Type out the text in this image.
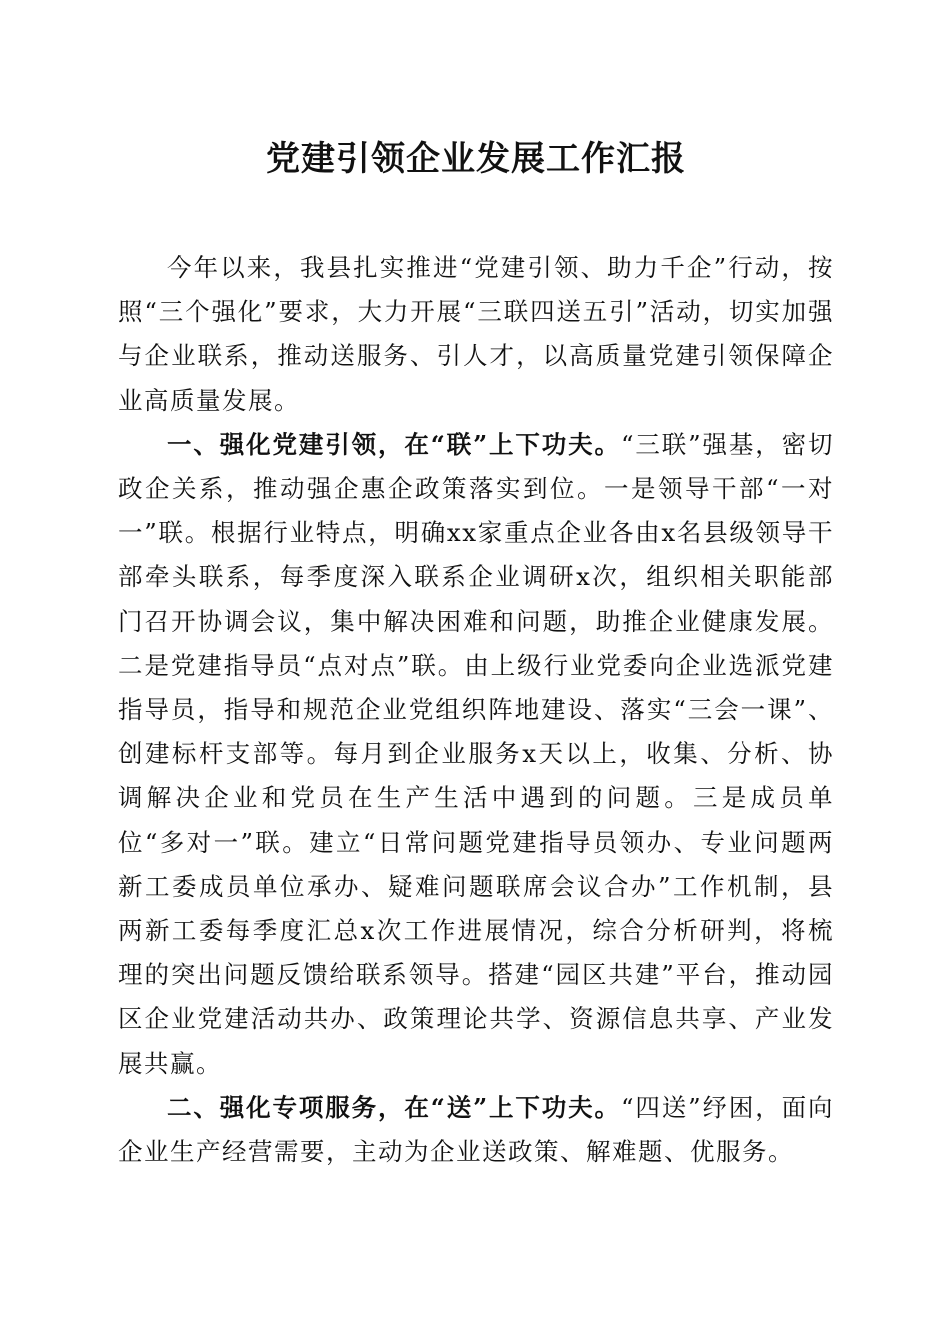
党建引领企业发展工作汇报

今年以来，我县扎实推进“党建引领、助力千企”行动，按照“三个强化”要求，大力开展“三联四送五引”活动，切实加强与企业联系，推动送服务、引人才，以高质量党建引领保障企业高质量发展。

一、强化党建引领，在“联”上下功夫。“三联”强基，密切政企关系，推动强企惠企政策落实到位。一是领导干部“一对一”联。根据行业特点，明确xx家重点企业各由x名县级领导干部牵头联系，每季度深入联系企业调研x次，组织相关职能部门召开协调会议，集中解决困难和问题，助推企业健康发展。二是党建指导员“点对点”联。由上级行业党委向企业选派党建指导员，指导和规范企业党组织阵地建设、落实“三会一课”、创建标杆支部等。每月到企业服务x天以上，收集、分析、协调解决企业和党员在生产生活中遇到的问题。三是成员单位“多对一”联。建立“日常问题党建指导员领办、专业问题两新工委成员单位承办、疑难问题联席会议合办”工作机制，县两新工委每季度汇总x次工作进展情况，综合分析研判，将梳理的突出问题反馈给联系领导。搭建“园区共建”平台，推动园区企业党建活动共办、政策理论共学、资源信息共享、产业发展共赢。

二、强化专项服务，在“送”上下功夫。“四送”纾困，面向企业生产经营需要，主动为企业送政策、解难题、优服务。
